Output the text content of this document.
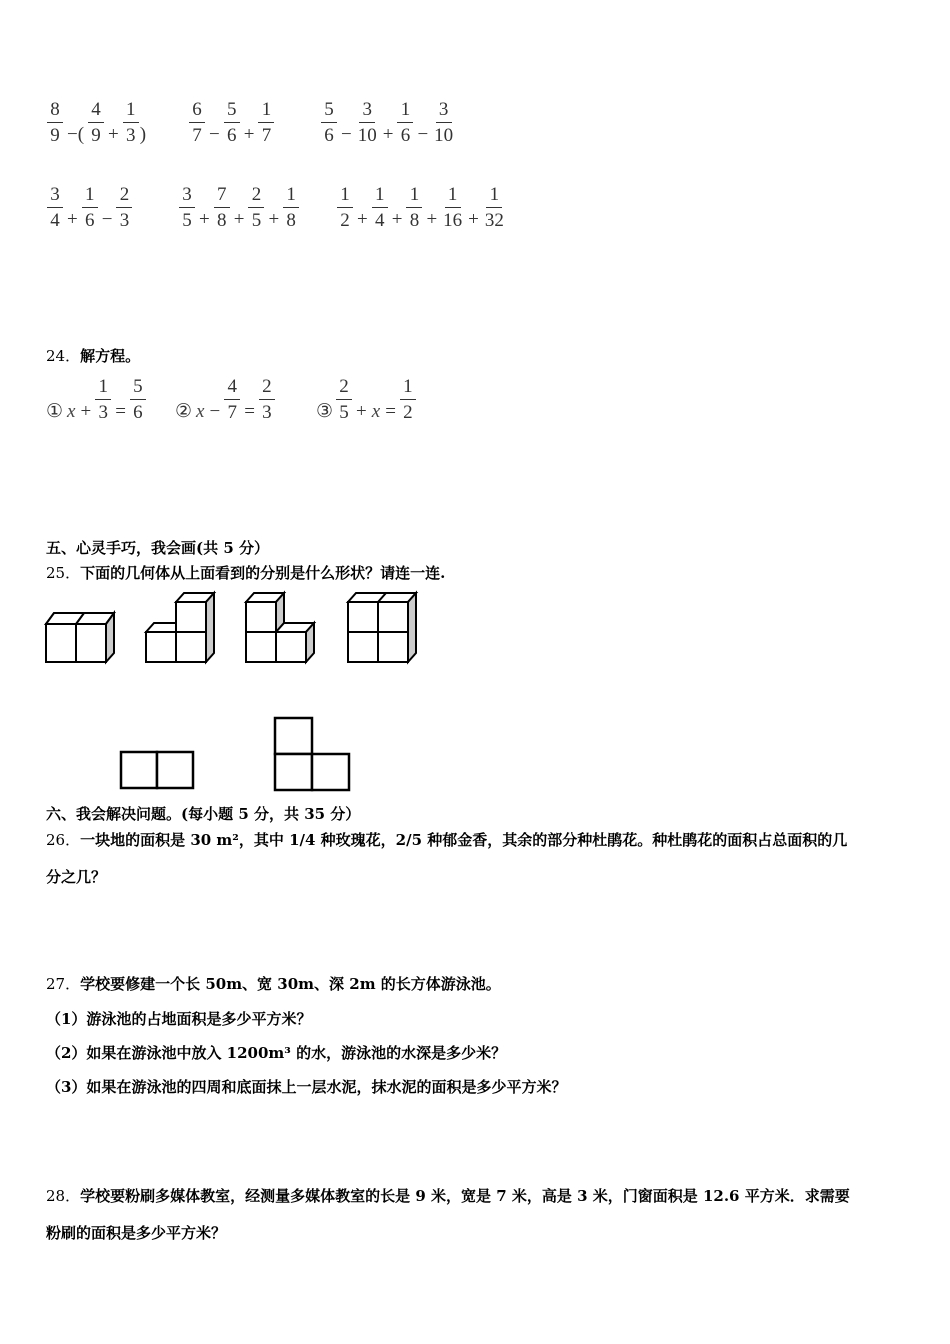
$\frac{8}{9}$ −( $\frac{4}{9} + \frac{1}{3}$ ) $\frac{6}{7} - \frac{5}{6} + \frac{1}{7} \frac{5}{6} - \frac{3}{10} + \frac{1}{6} - \frac{3}{10}$
$\frac{3}{4} + \frac{1}{6} - \frac{2}{3} \frac{3}{5} + \frac{7}{8} + \frac{2}{5} + \frac{1}{8} \frac{1}{2} + \frac{1}{4} + \frac{1}{8} + \frac{1}{16} + \frac{1}{32}$
24．解方程。
① $x + \frac{1}{3} = \frac{5}{6}$ ② $x - \frac{4}{7} = \frac{2}{3}$ ③ $\frac{2}{5} + x = \frac{1}{2}$
五、心灵手巧，我会画(共 5 分）
25．下面的几何体从上面看到的分别是什么形状？请连一连.
六、我会解决问题。(每小题 5 分，共 35 分）
26．一块地的面积是 30 m²，其中 1/4 种玫瑰花，2/5 种郁金香，其余的部分种杜鹃花。种杜鹃花的面积占总面积的几
分之几？
27．学校要修建一个长 50m、宽 30m、深 2m 的长方体游泳池。
（1）游泳池的占地面积是多少平方米？
（2）如果在游泳池中放入 1200m³ 的水，游泳池的水深是多少米？
（3）如果在游泳池的四周和底面抹上一层水泥，抹水泥的面积是多少平方米？
28．学校要粉刷多媒体教室，经测量多媒体教室的长是 9 米，宽是 7 米，高是 3 米，门窗面积是 12.6 平方米．求需要
粉刷的面积是多少平方米？
